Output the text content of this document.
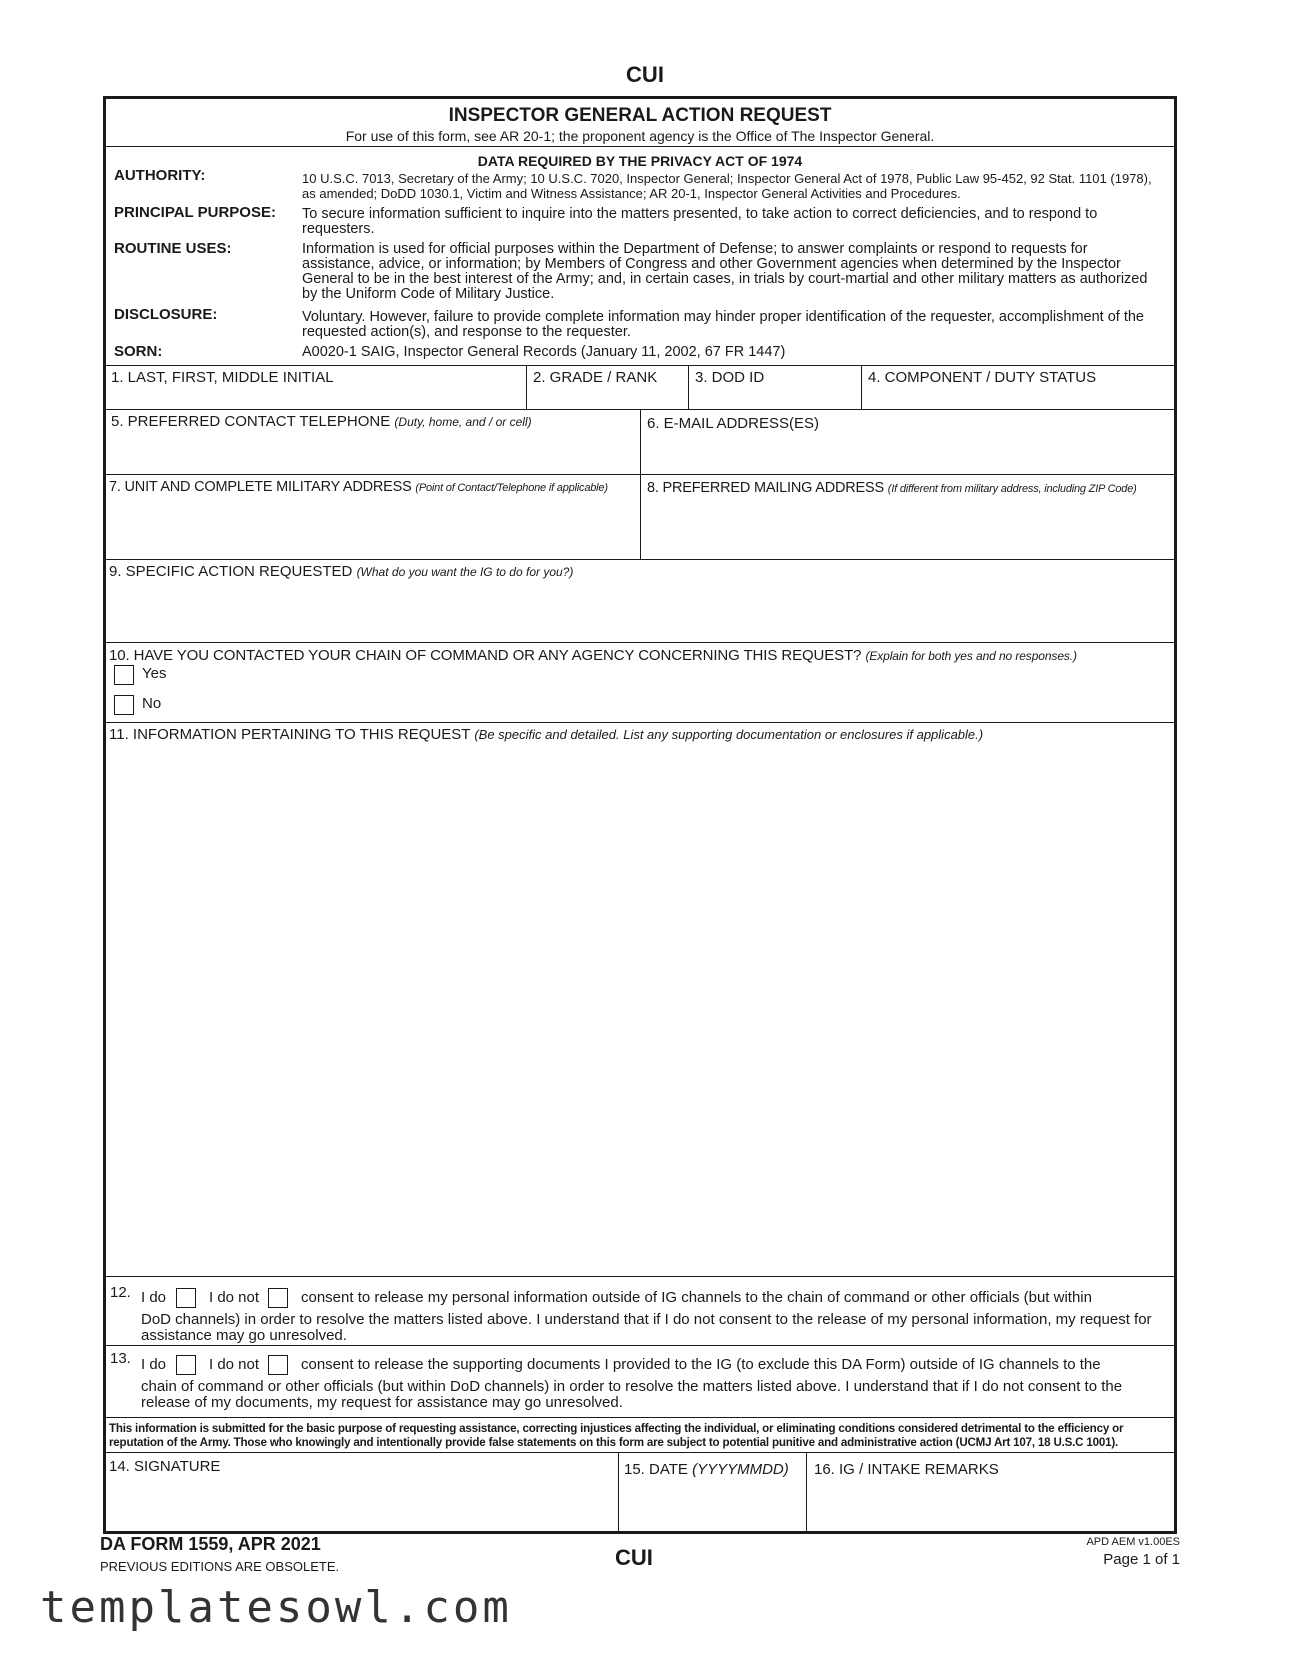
CUI
INSPECTOR GENERAL ACTION REQUEST
For use of this form, see AR 20-1; the proponent agency is the Office of The Inspector General.
DATA REQUIRED BY THE PRIVACY ACT OF 1974
AUTHORITY:	10 U.S.C. 7013, Secretary of the Army; 10 U.S.C. 7020, Inspector General; Inspector General Act of 1978, Public Law 95-452, 92 Stat. 1101 (1978), as amended; DoDD 1030.1, Victim and Witness Assistance; AR 20-1, Inspector General Activities and Procedures.
PRINCIPAL PURPOSE: To secure information sufficient to inquire into the matters presented, to take action to correct deficiencies, and to respond to requesters.
ROUTINE USES:	Information is used for official purposes within the Department of Defense; to answer complaints or respond to requests for assistance, advice, or information; by Members of Congress and other Government agencies when determined by the Inspector General to be in the best interest of the Army; and, in certain cases, in trials by court-martial and other military matters as authorized by the Uniform Code of Military Justice.
DISCLOSURE:	Voluntary. However, failure to provide complete information may hinder proper identification of the requester, accomplishment of the requested action(s), and response to the requester.
SORN:	A0020-1 SAIG, Inspector General Records (January 11, 2002, 67 FR 1447)
1. LAST, FIRST, MIDDLE INITIAL	2. GRADE / RANK	3. DOD ID	4. COMPONENT / DUTY STATUS
5. PREFERRED CONTACT TELEPHONE (Duty, home, and / or cell)	6. E-MAIL ADDRESS(ES)
7. UNIT AND COMPLETE MILITARY ADDRESS (Point of Contact/Telephone if applicable)	8. PREFERRED MAILING ADDRESS (If different from military address, including ZIP Code)
9. SPECIFIC ACTION REQUESTED (What do you want the IG to do for you?)
10. HAVE YOU CONTACTED YOUR CHAIN OF COMMAND OR ANY AGENCY CONCERNING THIS REQUEST? (Explain for both yes and no responses.)
Yes
No
11. INFORMATION PERTAINING TO THIS REQUEST (Be specific and detailed. List any supporting documentation or enclosures if applicable.)
12. I do	I do not	consent to release my personal information outside of IG channels to the chain of command or other officials (but within
DoD channels) in order to resolve the matters listed above. I understand that if I do not consent to the release of my personal information, my request for assistance may go unresolved.
13. I do	I do not	consent to release the supporting documents I provided to the IG (to exclude this DA Form) outside of IG channels to the
chain of command or other officials (but within DoD channels) in order to resolve the matters listed above. I understand that if I do not consent to the release of my documents, my request for assistance may go unresolved.
This information is submitted for the basic purpose of requesting assistance, correcting injustices affecting the individual, or eliminating conditions considered detrimental to the efficiency or reputation of the Army. Those who knowingly and intentionally provide false statements on this form are subject to potential punitive and administrative action (UCMJ Art 107, 18 U.S.C 1001).
14. SIGNATURE	15. DATE (YYYYMMDD) 16. IG / INTAKE REMARKS
DA FORM 1559, APR 2021
PREVIOUS EDITIONS ARE OBSOLETE.	CUI
APD AEM v1.00ES
Page 1 of 1
templatesowl.com
